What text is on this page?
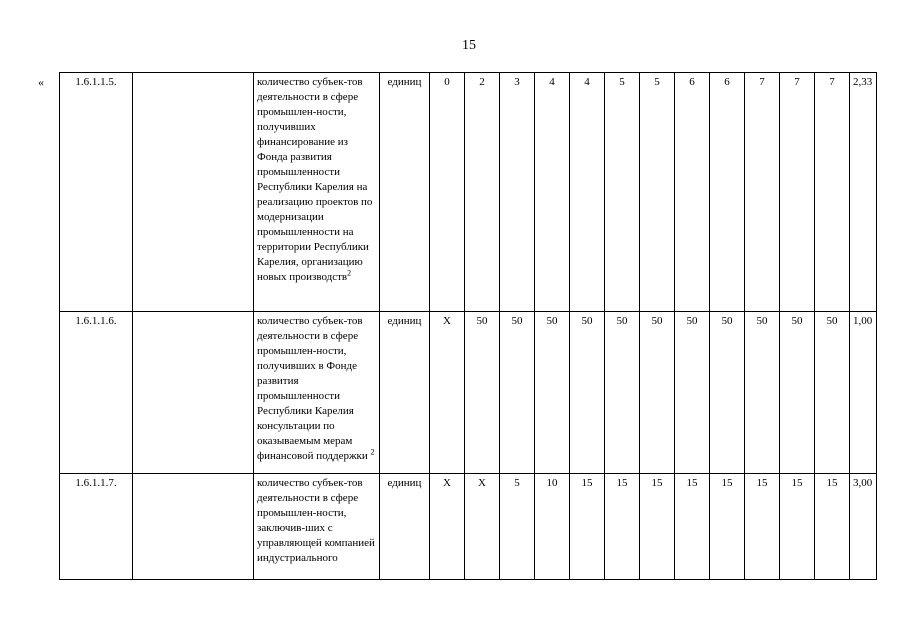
15
«	1.6.1.1.5.		количество субъек-тов деятельности в сфере промышлен-ности, получивших финансирование из Фонда развития промышленности Республики Карелия на реализацию проектов по модернизации промышленности на территории Республики Карелия, организацию новых производств$^2$	единиц	0	2	3	4	4	5	5	6	6	7	7	7	2,33
1.6.1.1.6.		количество субъек-тов деятельности в сфере промышлен-ности, получивших в Фонде развития промышленности Республики Карелия консультации по оказываемым мерам финансовой поддержки $^2$	единиц	Х	50	50	50	50	50	50	50	50	50	50	50	1,00
1.6.1.1.7.		количество субъек-тов деятельности в сфере промышлен-ности, заключив-ших с управляющей компанией индустриального	единиц	Х	Х	5	10	15	15	15	15	15	15	15	15	3,00
